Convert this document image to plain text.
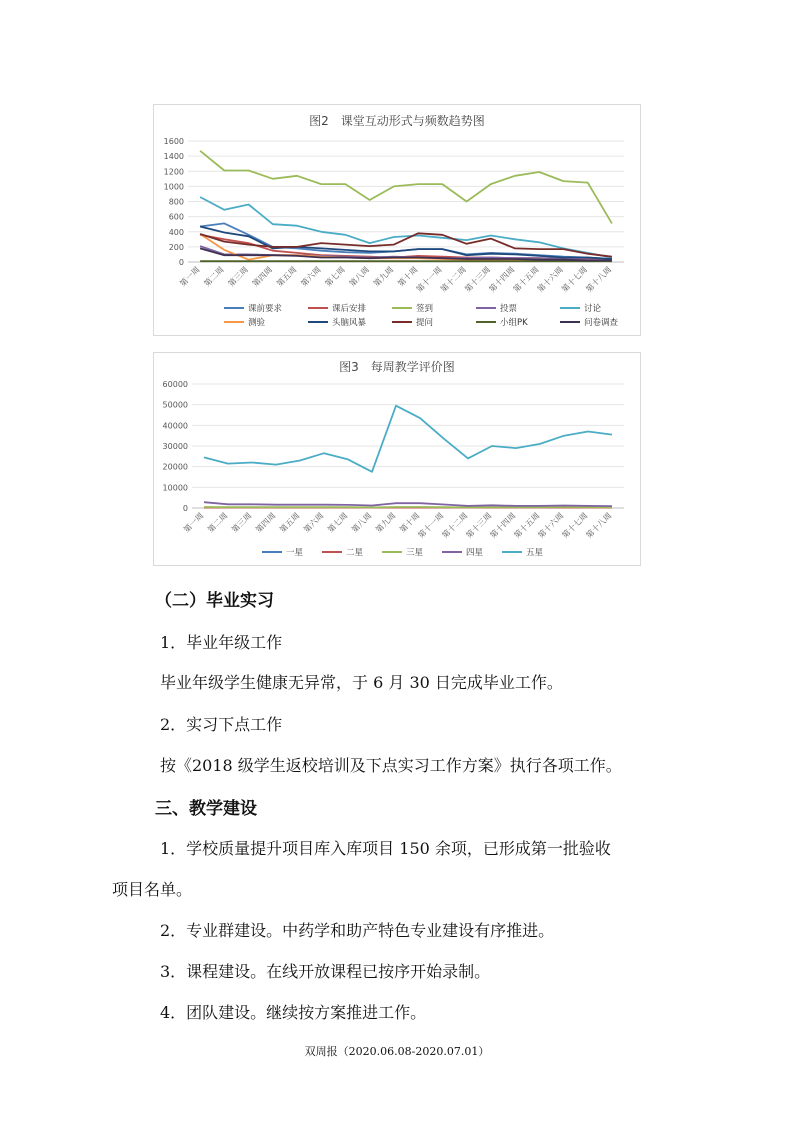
图2　课堂互动形式与频数趋势图
0
200
400
600
800
1000
1200
1400
1600
第一周 第二周 第三周 第四周 第五周 第六周 第七周 第八周 第九周 第十周
第十一周
第十二周
第十三周
第十四周
第十五周
第十六周
第十七周
第十八周
课前要求	课后安排	签到	投票	讨论
测验	头脑风暴	提问	小组PK	问卷调查
图3　每周教学评价图
0
10000
20000
30000
40000
50000
60000
第一周 第二周 第三周 第四周 第五周 第六周 第七周 第八周 第九周 第十周
第十一周
第十二周
第十三周
第十四周
第十五周
第十六周
第十七周
第十八周
一星	二星	三星	四星	五星
（二）毕业实习
1．毕业年级工作
毕业年级学生健康无异常，于 6 月 30 日完成毕业工作。
2．实习下点工作
按《2018 级学生返校培训及下点实习工作方案》执行各项工作。
三、教学建设
1．学校质量提升项目库入库项目 150 余项，已形成第一批验收
项目名单。
2．专业群建设。中药学和助产特色专业建设有序推进。
3．课程建设。在线开放课程已按序开始录制。
4．团队建设。继续按方案推进工作。
双周报（2020.06.08-2020.07.01）
